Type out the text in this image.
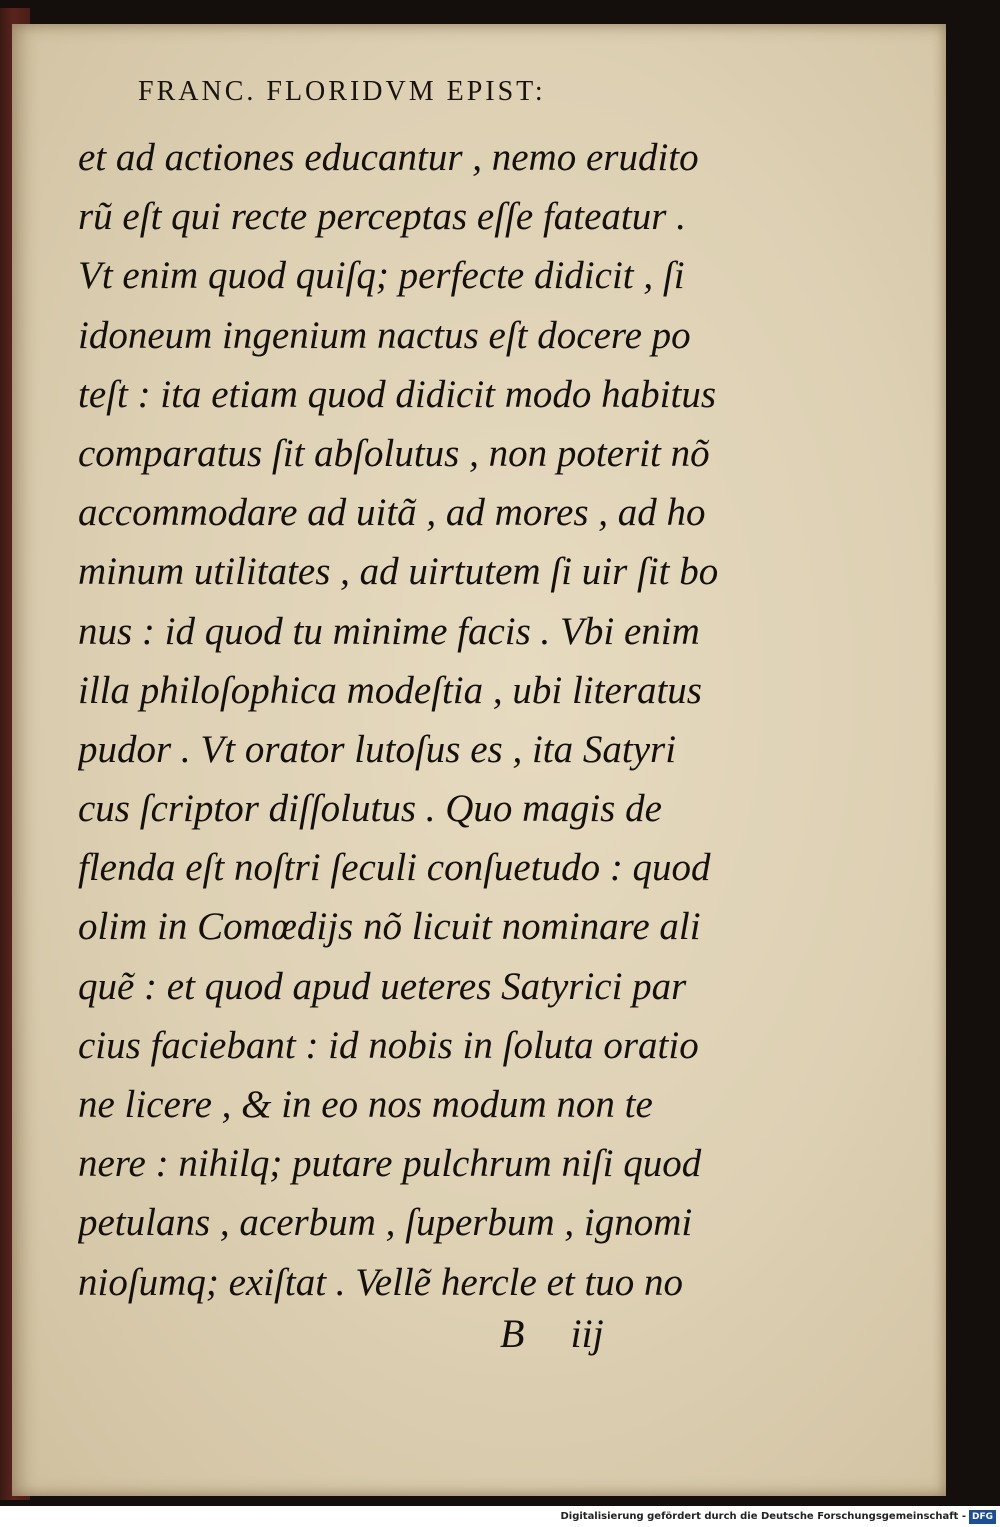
FRANC. FLORIDVM EPIST:
et ad actiones educantur , nemo erudito
rũ eſt qui recte perceptas eſſe fateatur .
Vt enim quod quiſq; perfecte didicit , ſi
idoneum ingenium nactus eſt docere po
teſt : ita etiam quod didicit modo habitus
comparatus ſit abſolutus , non poterit nõ
accommodare ad uitã , ad mores , ad ho
minum utilitates , ad uirtutem ſi uir ſit bo
nus : id quod tu minime facis . Vbi enim
illa philoſophica modeſtia , ubi literatus
pudor . Vt orator lutoſus es , ita Satyri
cus ſcriptor diſſolutus . Quo magis de
flenda eſt noſtri ſeculi conſuetudo : quod
olim in Comœdijs nõ licuit nominare ali
quẽ : et quod apud ueteres Satyrici par
cius faciebant : id nobis in ſoluta oratio
ne licere , & in eo nos modum non te
nere : nihilq; putare pulchrum niſi quod
petulans , acerbum , ſuperbum , ignomi
nioſumq; exiſtat . Vellẽ hercle et tuo no
B iij
Digitalisierung gefördert durch die Deutsche Forschungsgemeinschaft - DFG
